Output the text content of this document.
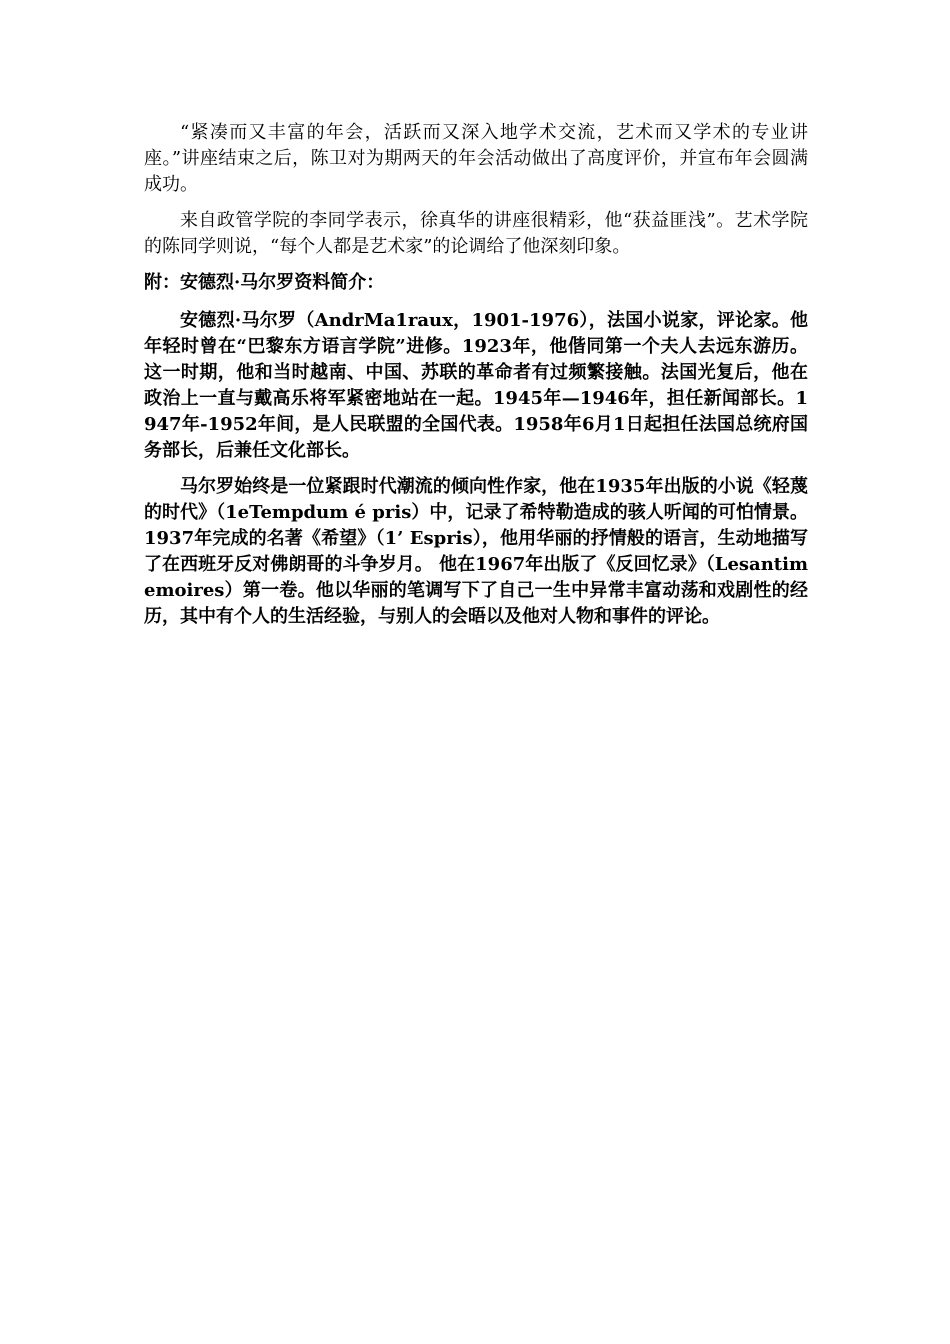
“紧凑而又丰富的年会，活跃而又深入地学术交流，艺术而又学术的专业讲座。”讲座结束之后，陈卫对为期两天的年会活动做出了高度评价，并宣布年会圆满成功。

来自政管学院的李同学表示，徐真华的讲座很精彩，他“获益匪浅”。艺术学院的陈同学则说，“每个人都是艺术家”的论调给了他深刻印象。

附：安德烈·马尔罗资料简介：

安德烈·马尔罗（AndrMa1raux，1901-1976），法国小说家，评论家。他年轻时曾在“巴黎东方语言学院”进修。1923年，他偕同第一个夫人去远东游历。这一时期，他和当时越南、中国、苏联的革命者有过频繁接触。法国光复后，他在政治上一直与戴高乐将军紧密地站在一起。1945年—1946年，担任新闻部长。1947年-1952年间，是人民联盟的全国代表。1958年6月1日起担任法国总统府国务部长，后兼任文化部长。

马尔罗始终是一位紧跟时代潮流的倾向性作家，他在1935年出版的小说《轻蔑的时代》（1eTempdum é pris）中，记录了希特勒造成的骇人听闻的可怕情景。1937年完成的名著《希望》（1’ Espris），他用华丽的抒情般的语言，生动地描写了在西班牙反对佛朗哥的斗争岁月。 他在1967年出版了《反回忆录》（Lesantimemoires）第一卷。他以华丽的笔调写下了自己一生中异常丰富动荡和戏剧性的经历，其中有个人的生活经验，与别人的会晤以及他对人物和事件的评论。
